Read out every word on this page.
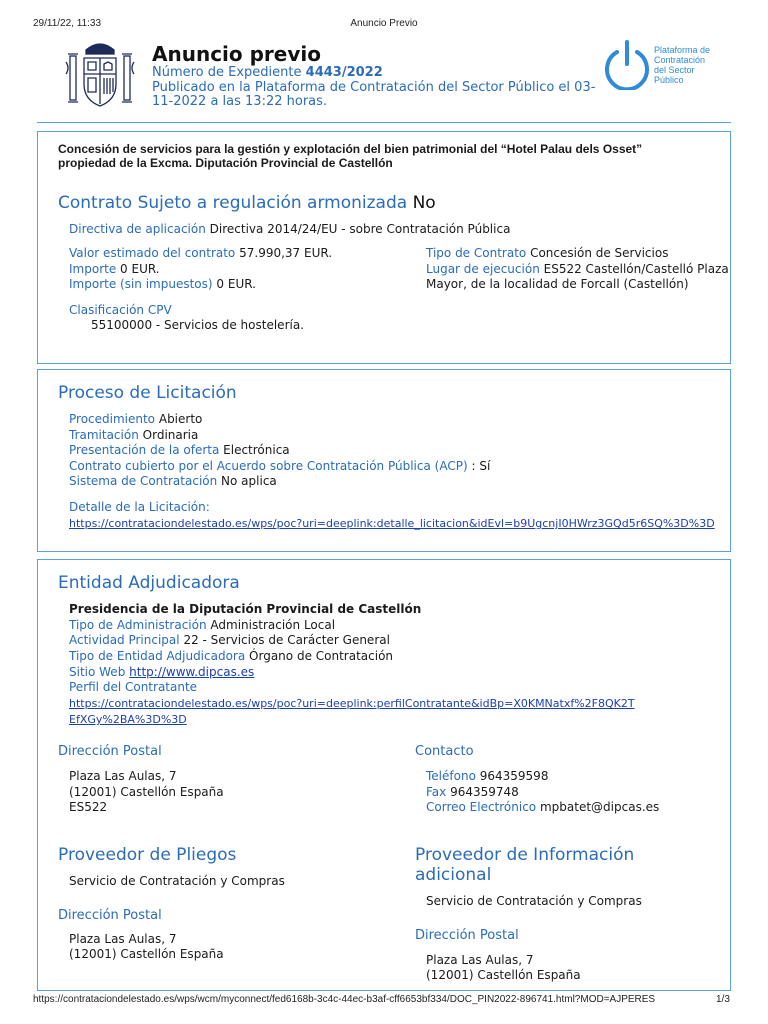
29/11/22, 11:33	Anuncio Previo
Anuncio previo
Número de Expediente 4443/2022
Publicado en la Plataforma de Contratación del Sector Público el 03-
11-2022 a las 13:22 horas.
Plataforma de
Contratación
del Sector
Público
Concesión de servicios para la gestión y explotación del bien patrimonial del “Hotel Palau dels Osset”
propiedad de la Excma. Diputación Provincial de Castellón
Contrato Sujeto a regulación armonizada No
Directiva de aplicación Directiva 2014/24/EU - sobre Contratación Pública
Valor estimado del contrato 57.990,37 EUR.
Importe 0 EUR.
Importe (sin impuestos) 0 EUR.
Tipo de Contrato Concesión de Servicios
Lugar de ejecución ES522 Castellón/Castelló Plaza
Mayor, de la localidad de Forcall (Castellón)
Clasificación CPV
55100000 - Servicios de hostelería.
Proceso de Licitación
Procedimiento Abierto
Tramitación Ordinaria
Presentación de la oferta Electrónica
Contrato cubierto por el Acuerdo sobre Contratación Pública (ACP) : Sí
Sistema de Contratación No aplica
Detalle de la Licitación:
https://contrataciondelestado.es/wps/poc?uri=deeplink:detalle_licitacion&idEvl=b9UgcnjI0HWrz3GQd5r6SQ%3D%3D
Entidad Adjudicadora
Presidencia de la Diputación Provincial de Castellón
Tipo de Administración Administración Local
Actividad Principal 22 - Servicios de Carácter General
Tipo de Entidad Adjudicadora Órgano de Contratación
Sitio Web http://www.dipcas.es
Perfil del Contratante
https://contrataciondelestado.es/wps/poc?uri=deeplink:perfilContratante&idBp=X0KMNatxf%2F8QK2T
EfXGy%2BA%3D%3D
Dirección Postal
Plaza Las Aulas, 7
(12001) Castellón España
ES522
Contacto
Teléfono 964359598
Fax 964359748
Correo Electrónico mpbatet@dipcas.es
Proveedor de Pliegos
Servicio de Contratación y Compras
Dirección Postal
Plaza Las Aulas, 7
(12001) Castellón España
Proveedor de Información
adicional
Servicio de Contratación y Compras
Dirección Postal
Plaza Las Aulas, 7
(12001) Castellón España
https://contrataciondelestado.es/wps/wcm/myconnect/fed6168b-3c4c-44ec-b3af-cff6653bf334/DOC_PIN2022-896741.html?MOD=AJPERES	1/3
